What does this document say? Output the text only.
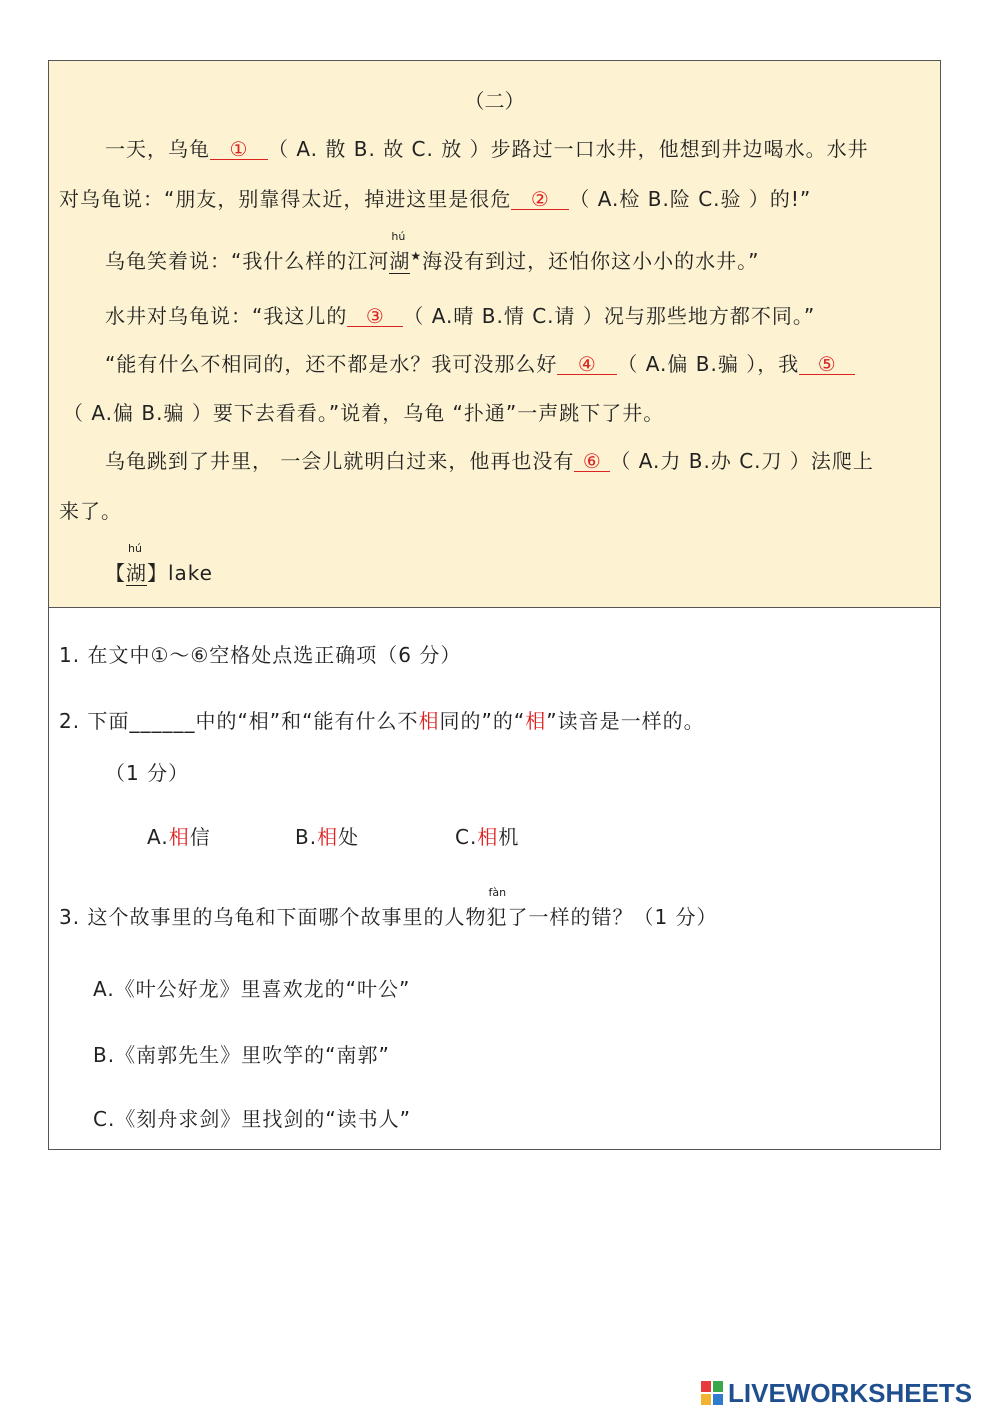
（二）
一天，乌龟 ① （ A. 散 B. 故 C. 放 ）步路过一口水井，他想到井边喝水。水井
对乌龟说：“朋友，别靠得太近，掉进这里是很危 ② （ A.检 B.险 C.验 ）的!”
乌龟笑着说：“我什么样的江河
hú
湖★海没有到过，还怕你这小小的水井。”
水井对乌龟说：“我这儿的 ③ （ A.晴 B.情 C.请 ）况与那些地方都不同。”
“能有什么不相同的，还不都是水？我可没那么好 ④ （ A.偏 B.骗 ），我 ⑤
（ A.偏 B.骗 ）要下去看看。”说着，乌龟 “扑通”一声跳下了井。
乌龟跳到了井里， 一会儿就明白过来，他再也没有 ⑥ （ A.力 B.办 C.刀 ）法爬上
来了。
【
hú
湖】lake
1. 在文中①～⑥空格处点选正确项（6 分）
2. 下面______中的“相”和“能有什么不相同的”的“相”读音是一样的。
（1 分）
A.相信	B.相处	C.相机
3. 这个故事里的乌龟和下面哪个故事里的人物
fàn
犯了一样的错？（1 分）
A.《叶公好龙》里喜欢龙的“叶公”
B.《南郭先生》里吹竽的“南郭”
C.《刻舟求剑》里找剑的“读书人”
LIVEWORKSHEETS
